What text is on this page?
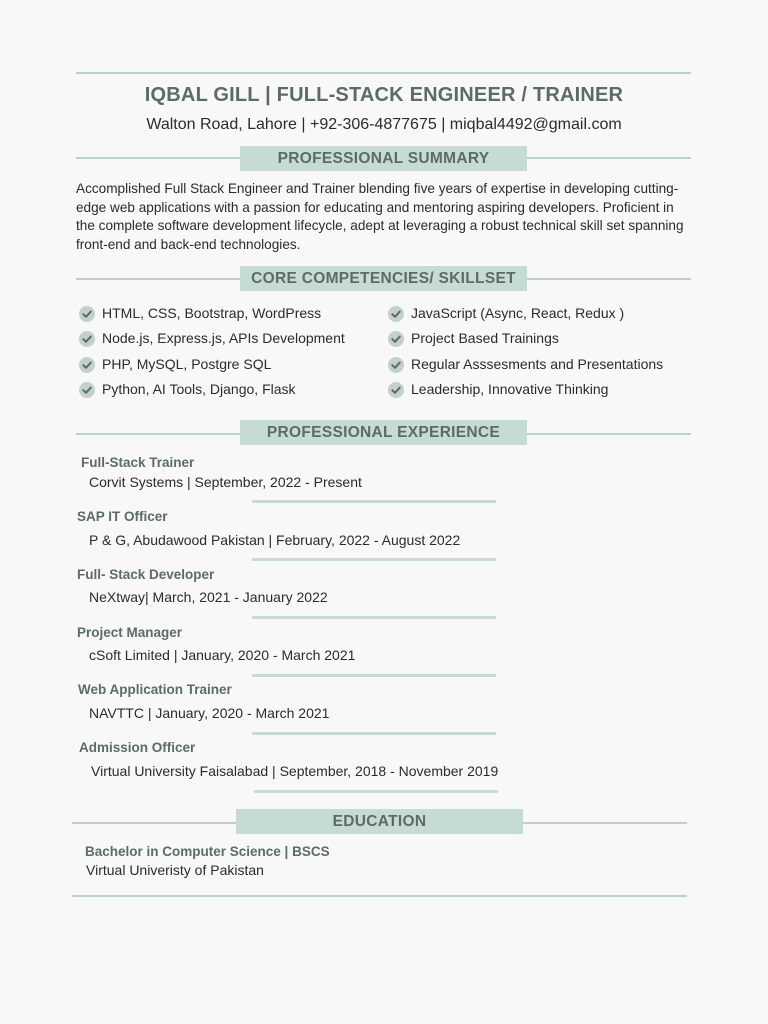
IQBAL GILL | FULL-STACK ENGINEER / TRAINER
Walton Road, Lahore | +92-306-4877675 | miqbal4492@gmail.com
PROFESSIONAL SUMMARY
Accomplished Full Stack Engineer and Trainer blending five years of expertise in developing cutting-edge web applications with a passion for educating and mentoring aspiring developers. Proficient in the complete software development lifecycle, adept at leveraging a robust technical skill set spanning front-end and back-end technologies.
CORE COMPETENCIES/ SKILLSET
HTML, CSS, Bootstrap, WordPress
Node.js, Express.js, APIs Development
PHP, MySQL, Postgre SQL
Python, AI Tools, Django, Flask
JavaScript (Async, React, Redux )
Project Based Trainings
Regular Asssesments and Presentations
Leadership, Innovative Thinking
PROFESSIONAL EXPERIENCE
Full-Stack Trainer
Corvit Systems | September, 2022 - Present
SAP IT Officer
P & G, Abudawood Pakistan | February, 2022 - August 2022
Full- Stack Developer
NeXtway| March, 2021 - January 2022
Project Manager
cSoft Limited | January, 2020 - March 2021
Web Application Trainer
NAVTTC | January, 2020 - March 2021
Admission Officer
Virtual University Faisalabad | September, 2018 - November 2019
EDUCATION
Bachelor in Computer Science | BSCS
Virtual Univeristy of Pakistan
